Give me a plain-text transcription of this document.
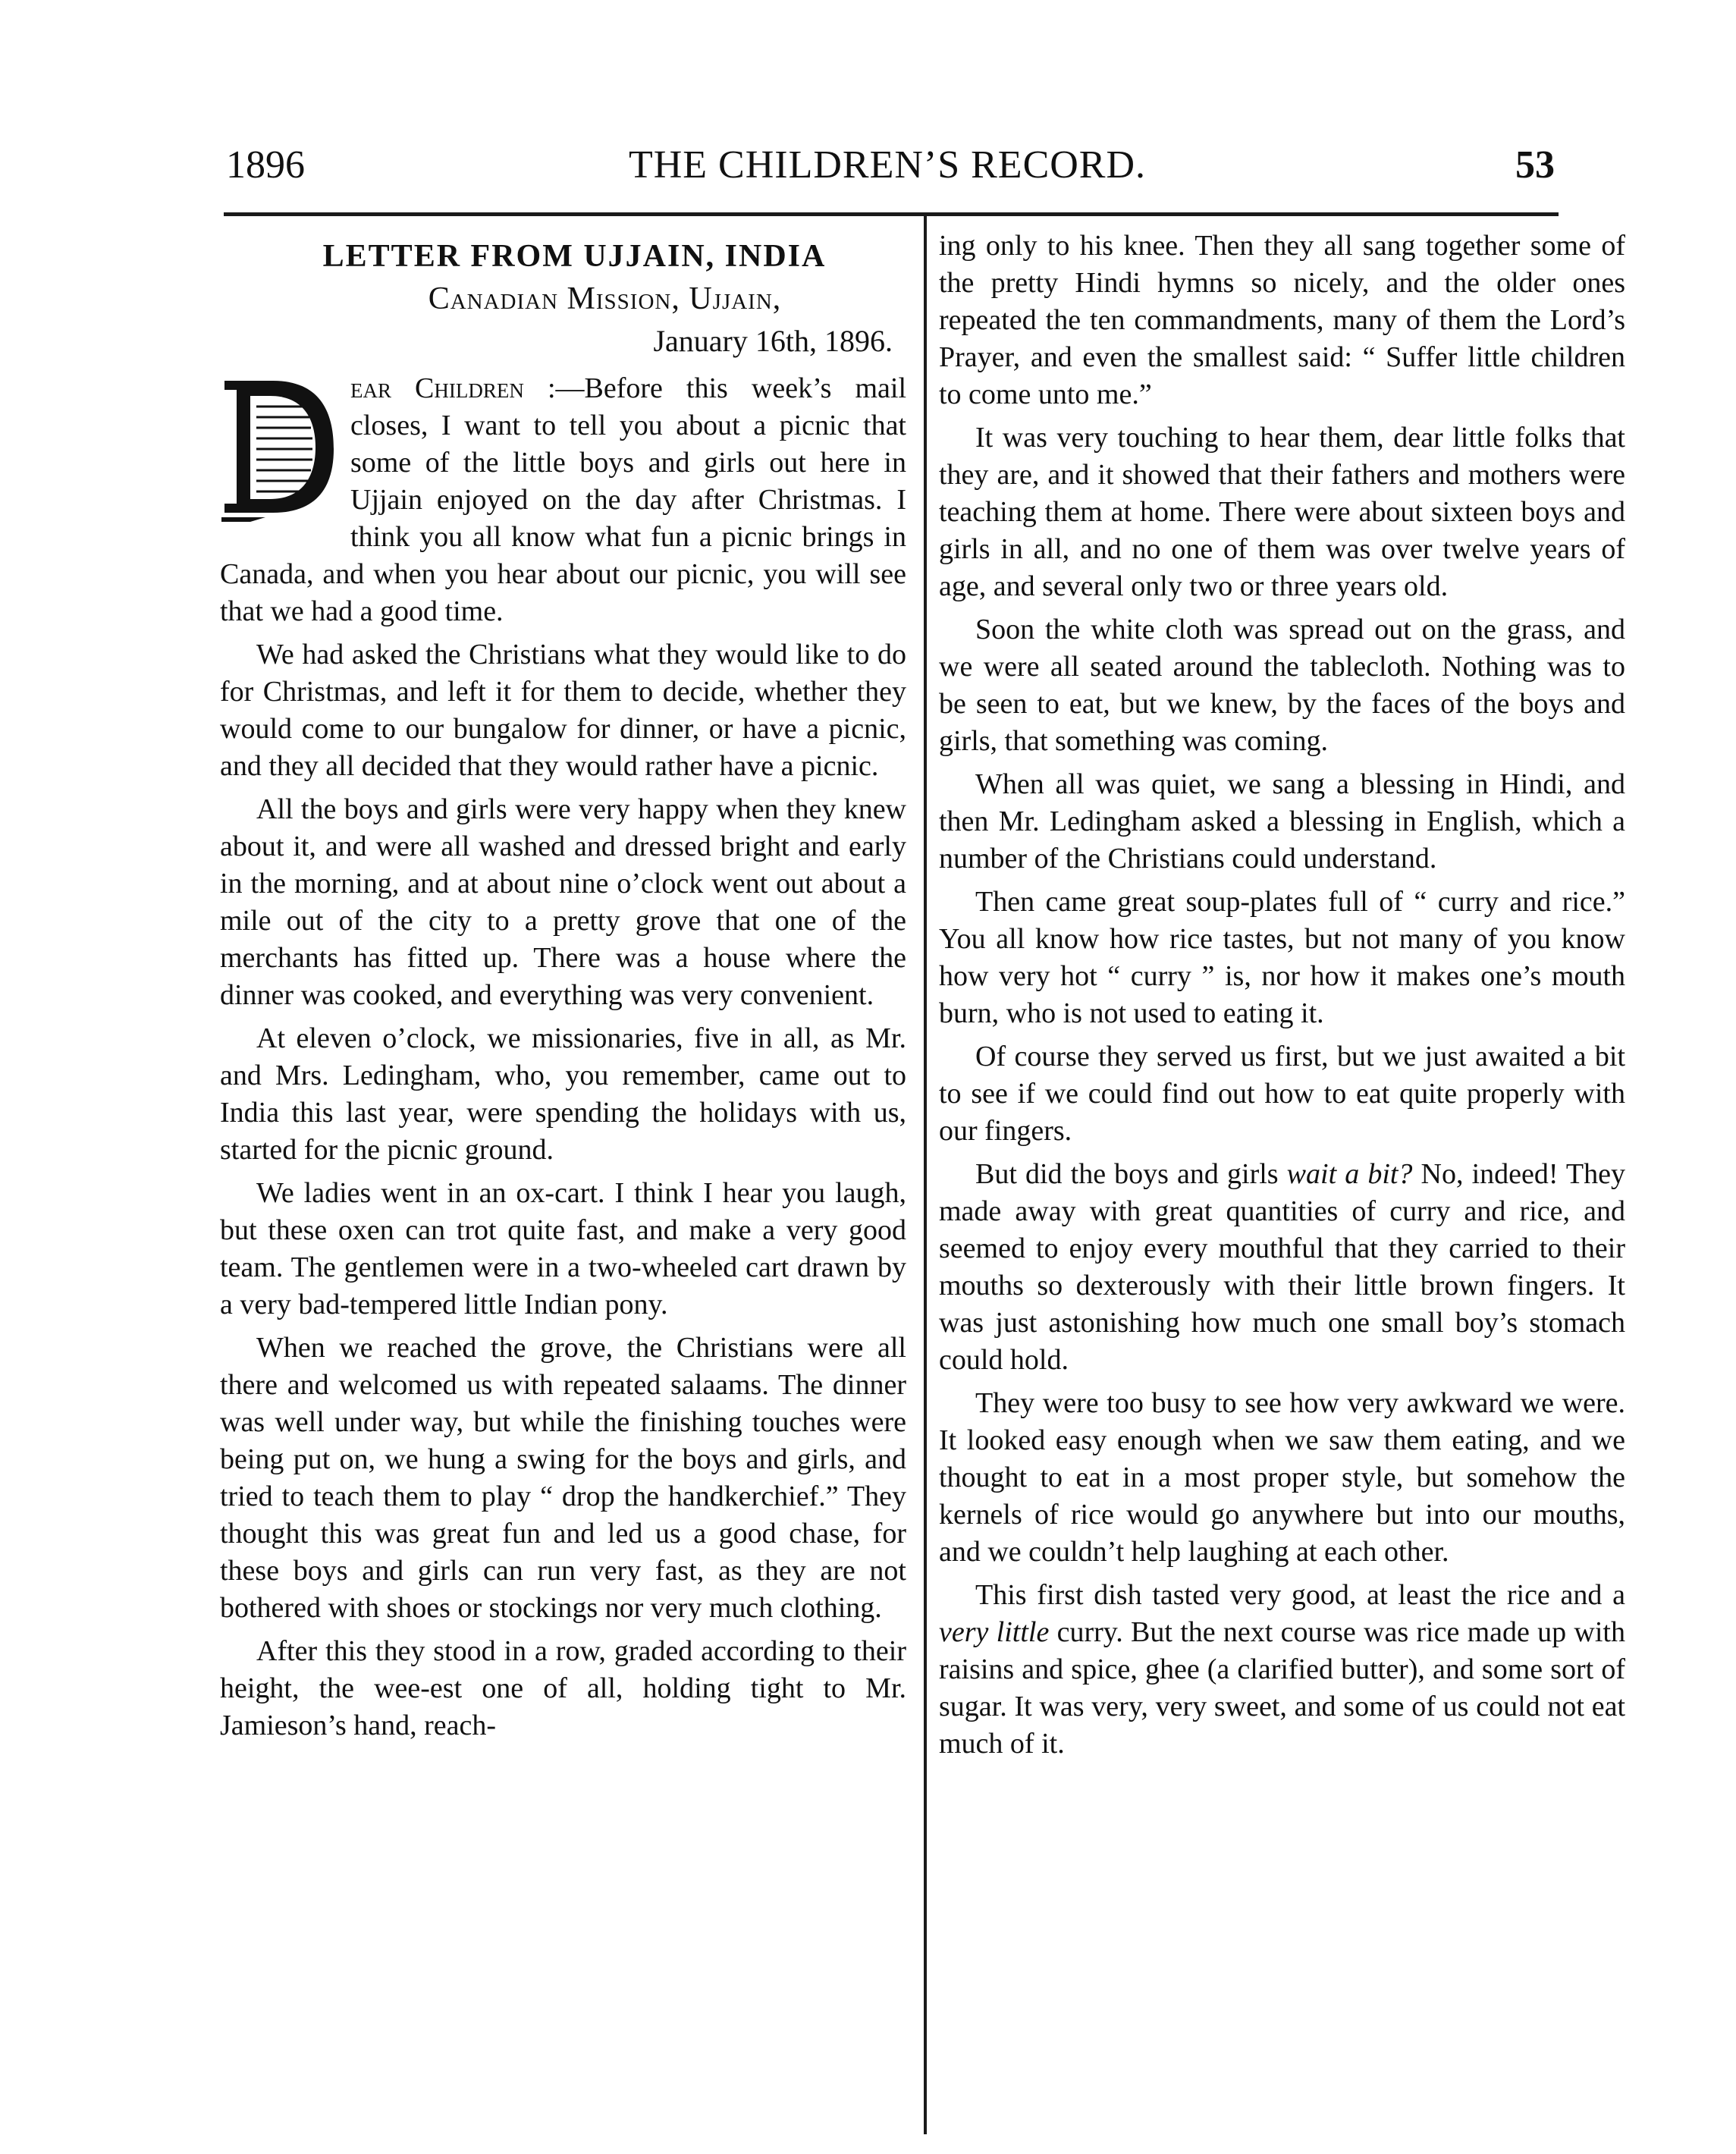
1896	THE CHILDREN’S RECORD.	53
LETTER FROM UJJAIN, INDIA
Canadian Mission, Ujjain,
January 16th, 1896.

ear Children :—Before this week’s mail closes, I want to tell you about a picnic that some of the little boys and girls out here in Ujjain enjoyed on the day after Christmas. I think you all know what fun a picnic brings in Canada, and when you hear about our picnic, you will see that we had a good time.

We had asked the Christians what they would like to do for Christmas, and left it for them to decide, whether they would come to our bungalow for dinner, or have a picnic, and they all decided that they would rather have a picnic.

All the boys and girls were very happy when they knew about it, and were all washed and dressed bright and early in the morning, and at about nine o’clock went out about a mile out of the city to a pretty grove that one of the merchants has fitted up. There was a house where the dinner was cooked, and everything was very convenient.

At eleven o’clock, we missionaries, five in all, as Mr. and Mrs. Ledingham, who, you remember, came out to India this last year, were spending the holidays with us, started for the picnic ground.

We ladies went in an ox-cart. I think I hear you laugh, but these oxen can trot quite fast, and make a very good team. The gentlemen were in a two-wheeled cart drawn by a very bad-tempered little Indian pony.

When we reached the grove, the Christians were all there and welcomed us with repeated salaams. The dinner was well under way, but while the finishing touches were being put on, we hung a swing for the boys and girls, and tried to teach them to play “ drop the handkerchief.” They thought this was great fun and led us a good chase, for these boys and girls can run very fast, as they are not bothered with shoes or stockings nor very much clothing.

After this they stood in a row, graded according to their height, the wee-est one of all, holding tight to Mr. Jamieson’s hand, reach-

ing only to his knee. Then they all sang together some of the pretty Hindi hymns so nicely, and the older ones repeated the ten commandments, many of them the Lord’s Prayer, and even the smallest said: “ Suffer little children to come unto me.”

It was very touching to hear them, dear little folks that they are, and it showed that their fathers and mothers were teaching them at home. There were about sixteen boys and girls in all, and no one of them was over twelve years of age, and several only two or three years old.

Soon the white cloth was spread out on the grass, and we were all seated around the tablecloth. Nothing was to be seen to eat, but we knew, by the faces of the boys and girls, that something was coming.

When all was quiet, we sang a blessing in Hindi, and then Mr. Ledingham asked a blessing in English, which a number of the Christians could understand.

Then came great soup-plates full of “ curry and rice.” You all know how rice tastes, but not many of you know how very hot “ curry ” is, nor how it makes one’s mouth burn, who is not used to eating it.

Of course they served us first, but we just awaited a bit to see if we could find out how to eat quite properly with our fingers.

But did the boys and girls wait a bit? No, indeed! They made away with great quantities of curry and rice, and seemed to enjoy every mouthful that they carried to their mouths so dexterously with their little brown fingers. It was just astonishing how much one small boy’s stomach could hold.

They were too busy to see how very awkward we were. It looked easy enough when we saw them eating, and we thought to eat in a most proper style, but somehow the kernels of rice would go anywhere but into our mouths, and we couldn’t help laughing at each other.

This first dish tasted very good, at least the rice and a very little curry. But the next course was rice made up with raisins and spice, ghee (a clarified butter), and some sort of sugar. It was very, very sweet, and some of us could not eat much of it.
